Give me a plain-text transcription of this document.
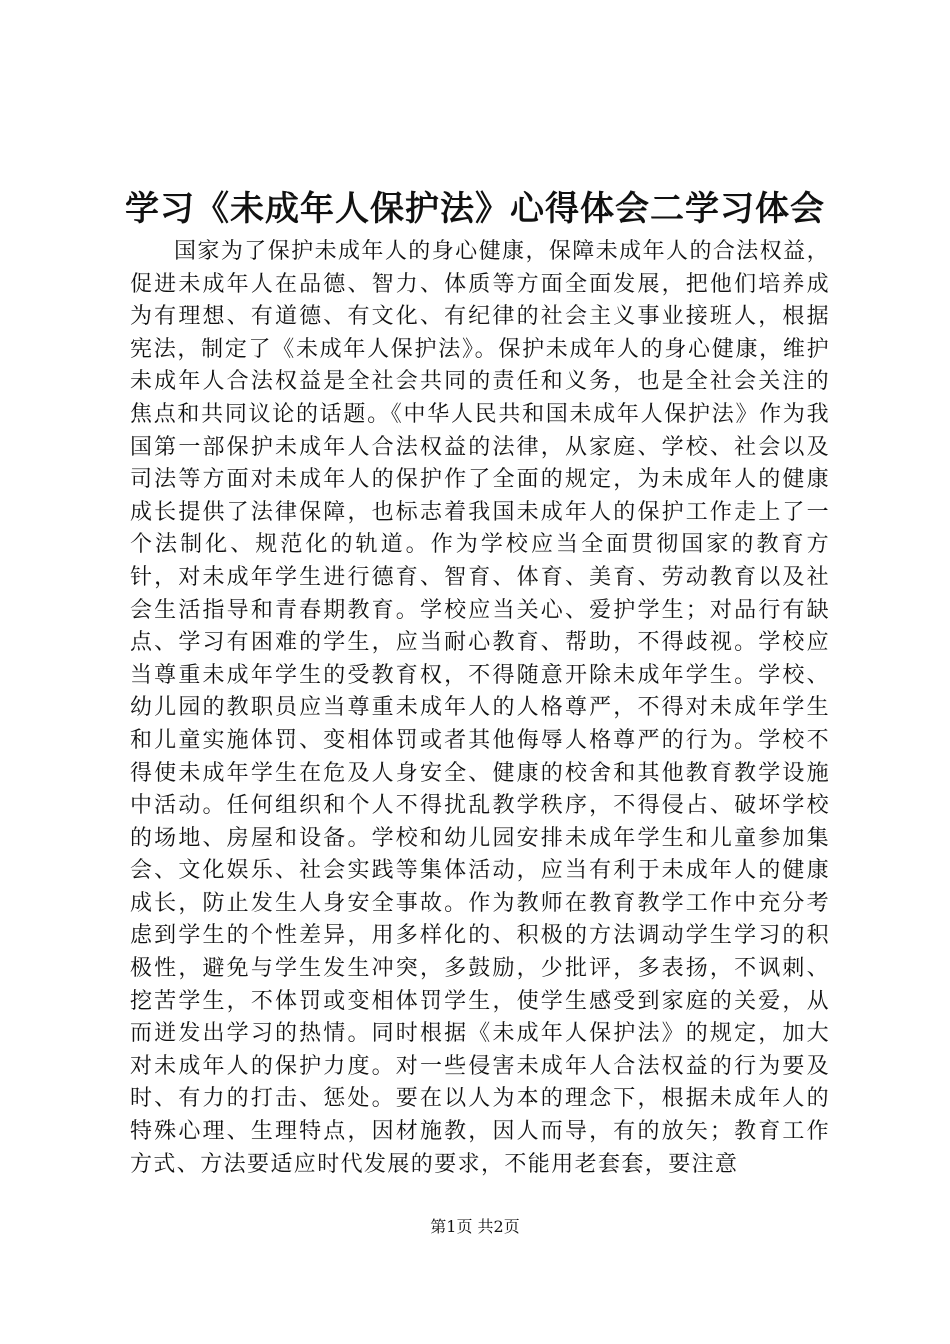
学习《未成年人保护法》心得体会二学习体会

国家为了保护未成年人的身心健康，保障未成年人的合法权益，促进未成年人在品德、智力、体质等方面全面发展，把他们培养成为有理想、有道德、有文化、有纪律的社会主义事业接班人，根据宪法，制定了《未成年人保护法》。保护未成年人的身心健康，维护未成年人合法权益是全社会共同的责任和义务，也是全社会关注的焦点和共同议论的话题。《中华人民共和国未成年人保护法》作为我国第一部保护未成年人合法权益的法律，从家庭、学校、社会以及司法等方面对未成年人的保护作了全面的规定，为未成年人的健康成长提供了法律保障，也标志着我国未成年人的保护工作走上了一个法制化、规范化的轨道。作为学校应当全面贯彻国家的教育方针，对未成年学生进行德育、智育、体育、美育、劳动教育以及社会生活指导和青春期教育。学校应当关心、爱护学生；对品行有缺点、学习有困难的学生，应当耐心教育、帮助，不得歧视。学校应当尊重未成年学生的受教育权，不得随意开除未成年学生。学校、幼儿园的教职员应当尊重未成年人的人格尊严，不得对未成年学生和儿童实施体罚、变相体罚或者其他侮辱人格尊严的行为。学校不得使未成年学生在危及人身安全、健康的校舍和其他教育教学设施中活动。任何组织和个人不得扰乱教学秩序，不得侵占、破坏学校的场地、房屋和设备。学校和幼儿园安排未成年学生和儿童参加集会、文化娱乐、社会实践等集体活动，应当有利于未成年人的健康成长，防止发生人身安全事故。作为教师在教育教学工作中充分考虑到学生的个性差异，用多样化的、积极的方法调动学生学习的积极性，避免与学生发生冲突，多鼓励，少批评，多表扬，不讽刺、挖苦学生，不体罚或变相体罚学生，使学生感受到家庭的关爱，从而迸发出学习的热情。同时根据《未成年人保护法》的规定，加大对未成年人的保护力度。对一些侵害未成年人合法权益的行为要及时、有力的打击、惩处。要在以人为本的理念下，根据未成年人的特殊心理、生理特点，因材施教，因人而导，有的放矢；教育工作方式、方法要适应时代发展的要求，不能用老套套，要注意

第1页 共2页
